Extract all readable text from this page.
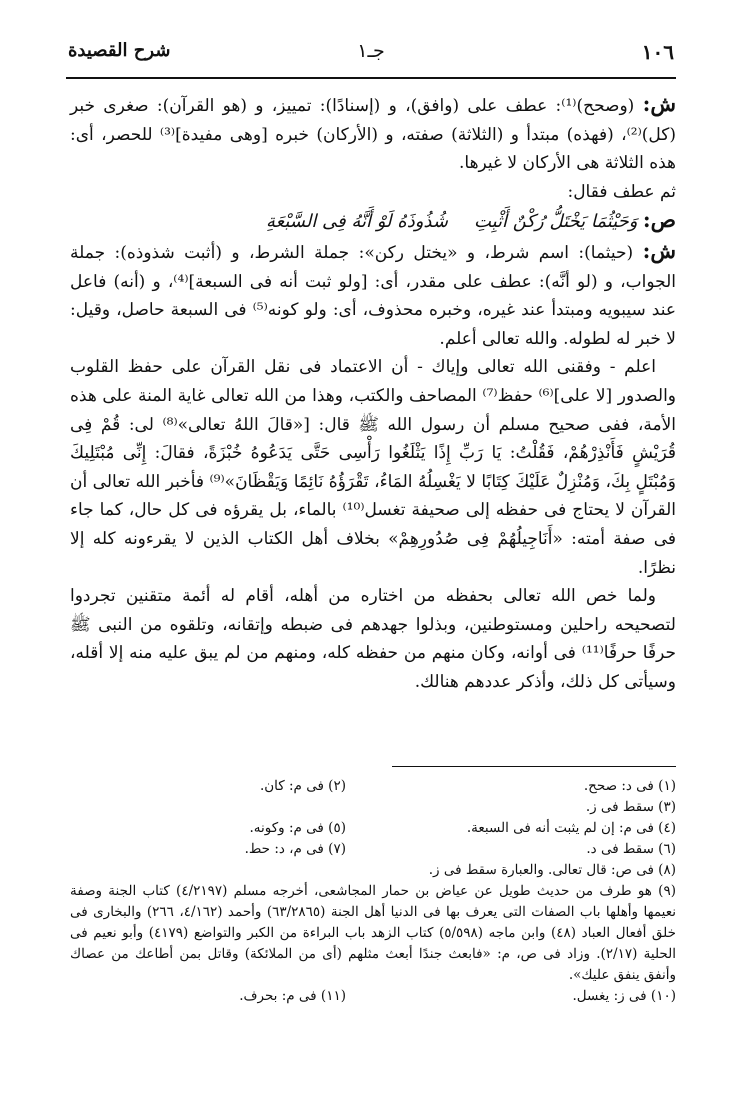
١٠٦
جـ١
شرح القصيدة

ش: (وصحح)⁽¹⁾: عطف على (وافق)، و (إسنادًا): تمييز، و (هو القرآن): صغرى خبر (كل)⁽²⁾، (فهذه) مبتدأ و (الثلاثة) صفته، و (الأركان) خبره [وهى مفيدة]⁽³⁾ للحصر، أى: هذه الثلاثة هى الأركان لا غيرها.

ثم عطف فقال:

ص: وَحَيْثُمَا يَخْتَلُّ رُكْنٌ أَثْبِتِشُذُوذَهُ لَوْ أَنَّهُ فِى السَّبْعَةِ

ش: (حيثما): اسم شرط، و «يختل ركن»: جملة الشرط، و (أثبت شذوذه): جملة الجواب، و (لو أنَّه): عطف على مقدر، أى: [ولو ثبت أنه فى السبعة]⁽⁴⁾، و (أنه) فاعل عند سيبويه ومبتدأ عند غيره، وخبره محذوف، أى: ولو كونه⁽⁵⁾ فى السبعة حاصل، وقيل: لا خبر له لطوله. والله تعالى أعلم.

اعلم - وفقنى الله تعالى وإياك - أن الاعتماد فى نقل القرآن على حفظ القلوب والصدور [لا على]⁽⁶⁾ حفظ⁽⁷⁾ المصاحف والكتب، وهذا من الله تعالى غاية المنة على هذه الأمة، ففى صحيح مسلم أن رسول الله ﷺ قال: [«قالَ اللهُ تعالى»⁽⁸⁾ لى: قُمْ فِى قُرَيْشٍ فَأَنْذِرْهُمْ، فَقُلْتُ: يَا رَبِّ إِذًا يَثْلَغُوا رَأْسِى حَتَّى يَدَعُوهُ خُبْزَةً، فقالَ: إِنِّى مُبْتَلِيكَ وَمُبْتَلٍ بِكَ، وَمُنْزِلٌ عَلَيْكَ كِتَابًا لا يَغْسِلُهُ المَاءُ، تَقْرَؤُهُ نَائِمًا وَيَقْظَانَ»⁽⁹⁾ فأخبر الله تعالى أن القرآن لا يحتاج فى حفظه إلى صحيفة تغسل⁽¹⁰⁾ بالماء، بل يقرؤه فى كل حال، كما جاء فى صفة أمته: «أَنَاجِيلُهُمْ فِى صُدُورِهِمْ» بخلاف أهل الكتاب الذين لا يقرءونه كله إلا نظرًا.

ولما خص الله تعالى بحفظه من اختاره من أهله، أقام له أئمة متقنين تجردوا لتصحيحه راحلين ومستوطنين، وبذلوا جهدهم فى ضبطه وإتقانه، وتلقوه من النبى ﷺ حرفًا حرفًا⁽¹¹⁾ فى أوانه، وكان منهم من حفظه كله، ومنهم من لم يبق عليه منه إلا أقله، وسيأتى كل ذلك، وأذكر عددهم هنالك.

(١) فى د: صحح.
(٢) فى م: كان.
(٣) سقط فى ز.
(٤) فى م: إن لم يثبت أنه فى السبعة.
(٥) فى م: وكونه.
(٦) سقط فى د.
(٧) فى م، د: حط.
(٨) فى ص: قال تعالى. والعبارة سقط فى ز.

(٩) هو طرف من حديث طويل عن عياض بن حمار المجاشعى، أخرجه مسلم (٤/٢١٩٧) كتاب الجنة وصفة نعيمها وأهلها باب الصفات التى يعرف بها فى الدنيا أهل الجنة (٦٣/٢٨٦٥) وأحمد (٤/١٦٢، ٢٦٦) والبخارى فى خلق أفعال العباد (٤٨) وابن ماجه (٥/٥٩٨) كتاب الزهد باب البراءة من الكبر والتواضع (٤١٧٩) وأبو نعيم فى الحلية (٢/١٧). وزاد فى ص، م: «فابعث جندًا أبعث مثلهم (أى من الملائكة) وقاتل بمن أطاعك من عصاك وأنفق ينفق عليك».

(١٠) فى ز: يغسل.
(١١) فى م: بحرف.
